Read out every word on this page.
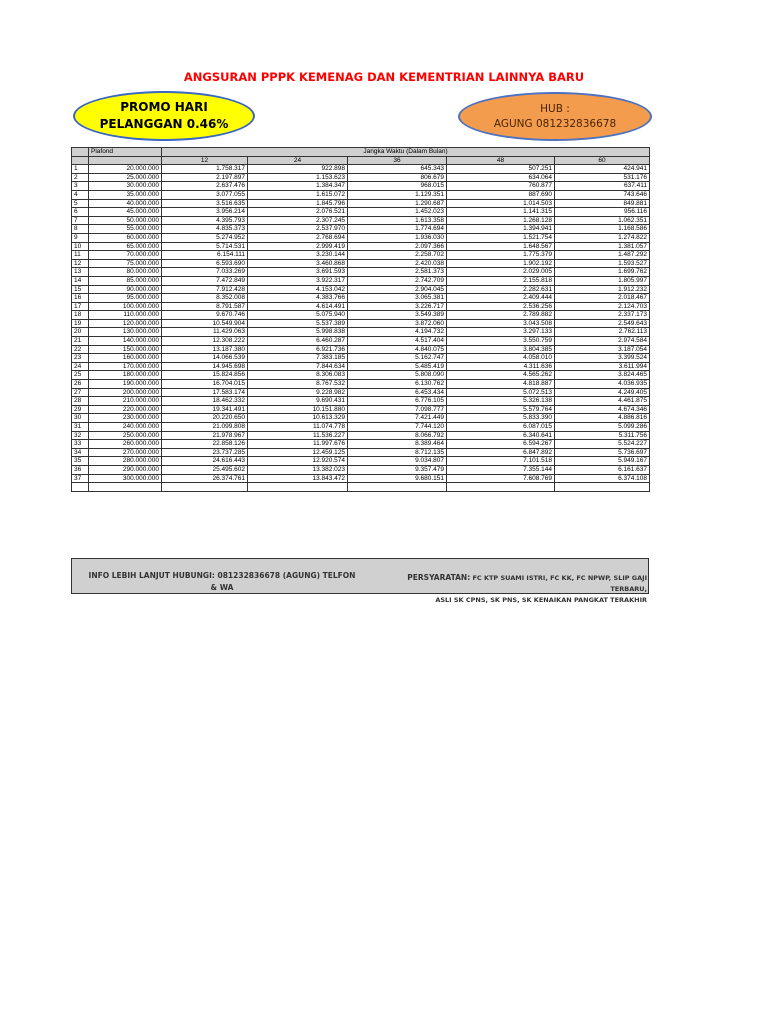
ANGSURAN PPPK KEMENAG DAN KEMENTRIAN LAINNYA BARU
PROMO HARI
PELANGGAN 0.46%
HUB :
AGUNG 081232836678
	Plafond	Jangka Waktu (Dalam Bulan)				
		12	24	36	48	60
1	20.000.000	1.758.317	922.898	645.343	507.251	424.941
2	25.000.000	2.197.897	1.153.623	806.679	634.064	531.176
3	30.000.000	2.637.476	1.384.347	968.015	760.877	637.411
4	35.000.000	3.077.055	1.615.072	1.129.351	887.690	743.646
5	40.000.000	3.516.635	1.845.796	1.290.687	1.014.503	849.881
6	45.000.000	3.956.214	2.076.521	1.452.023	1.141.315	956.116
7	50.000.000	4.395.793	2.307.245	1.613.358	1.268.128	1.062.351
8	55.000.000	4.835.373	2.537.970	1.774.694	1.394.941	1.168.586
9	60.000.000	5.274.952	2.768.694	1.936.030	1.521.754	1.274.822
10	65.000.000	5.714.531	2.999.419	2.097.366	1.648.567	1.381.057
11	70.000.000	6.154.111	3.230.144	2.258.702	1.775.379	1.487.292
12	75.000.000	6.593.690	3.460.868	2.420.038	1.902.192	1.593.527
13	80.000.000	7.033.269	3.691.593	2.581.373	2.029.005	1.699.762
14	85.000.000	7.472.849	3.922.317	2.742.709	2.155.818	1.805.997
15	90.000.000	7.912.428	4.153.042	2.904.045	2.282.631	1.912.232
16	95.000.000	8.352.008	4.383.766	3.065.381	2.409.444	2.018.467
17	100.000.000	8.791.587	4.614.491	3.226.717	2.536.256	2.124.703
18	110.000.000	9.670.746	5.075.940	3.549.389	2.789.882	2.337.173
19	120.000.000	10.549.904	5.537.389	3.872.060	3.043.508	2.549.643
20	130.000.000	11.429.063	5.998.838	4.194.732	3.297.133	2.762.113
21	140.000.000	12.308.222	6.460.287	4.517.404	3.550.759	2.974.584
22	150.000.000	13.187.380	6.921.736	4.840.075	3.804.385	3.187.054
23	160.000.000	14.066.539	7.383.185	5.162.747	4.058.010	3.399.524
24	170.000.000	14.945.698	7.844.634	5.485.419	4.311.636	3.611.994
25	180.000.000	15.824.856	8.306.083	5.808.090	4.565.262	3.824.465
26	190.000.000	16.704.015	8.767.532	6.130.762	4.818.887	4.036.935
27	200.000.000	17.583.174	9.228.982	6.453.434	5.072.513	4.249.405
28	210.000.000	18.462.332	9.690.431	6.776.105	5.326.138	4.461.875
29	220.000.000	19.341.491	10.151.880	7.098.777	5.579.764	4.674.346
30	230.000.000	20.220.650	10.613.329	7.421.449	5.833.390	4.886.816
31	240.000.000	21.099.808	11.074.778	7.744.120	6.087.015	5.099.286
32	250.000.000	21.978.967	11.536.227	8.066.792	6.340.641	5.311.756
33	260.000.000	22.858.126	11.997.676	8.389.464	6.594.267	5.524.227
34	270.000.000	23.737.285	12.459.125	8.712.135	6.847.892	5.736.697
35	280.000.000	24.616.443	12.920.574	9.034.807	7.101.518	5.949.167
36	290.000.000	25.495.602	13.382.023	9.357.479	7.355.144	6.161.637
37	300.000.000	26.374.761	13.843.472	9.680.151	7.608.769	6.374.108

INFO LEBIH LANJUT HUBUNGI: 081232836678 (AGUNG) TELFON
& WA
PERSYARATAN: FC KTP SUAMI ISTRI, FC KK, FC NPWP, SLIP GAJI TERBARU,
ASLI SK CPNS, SK PNS, SK KENAIKAN PANGKAT TERAKHIR
